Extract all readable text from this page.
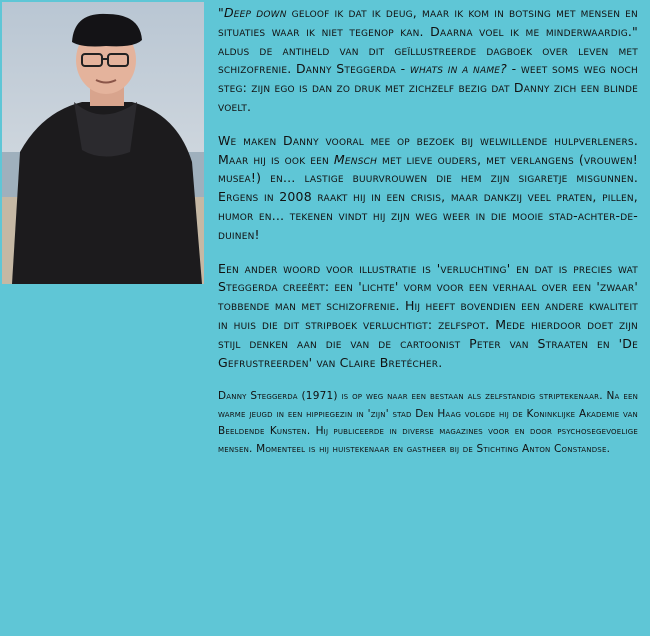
"Deep down geloof ik dat ik deug, maar ik kom in botsing met mensen en situaties waar ik niet tegenop kan. Daarna voel ik me minderwaardig." aldus de antiheld van dit geïllustreerde dagboek over leven met schizofrenie. Danny Steggerda - whats in a name? - weet soms weg noch steg: zijn ego is dan zo druk met zichzelf bezig dat Danny zich een blinde voelt.

We maken Danny vooral mee op bezoek bij welwillende hulpverleners. Maar hij is ook een Mensch met lieve ouders, met verlangens (vrouwen! musea!) en… lastige buurvrouwen die hem zijn sigaretje misgunnen. Ergens in 2008 raakt hij in een crisis, maar dankzij veel praten, pillen, humor en… tekenen vindt hij zijn weg weer in die mooie stad-achter-de-duinen!

Een ander woord voor illustratie is 'verluchting' en dat is precies wat Steggerda creeërt: een 'lichte' vorm voor een verhaal over een 'zwaar' tobbende man met schizofrenie. Hij heeft bovendien een andere kwaliteit in huis die dit stripboek verluchtigt: zelfspot. Mede hierdoor doet zijn stijl denken aan die van de cartoonist Peter van Straaten en 'De Gefrustreerden' van Claire Bretécher.

Danny Steggerda (1971) is op weg naar een bestaan als zelfstandig striptekenaar. Na een warme jeugd in een hippiegezin in 'zijn' stad Den Haag volgde hij de Koninklijke Akademie van Beeldende Kunsten. Hij publiceerde in diverse magazines voor en door psychosegevoelige mensen. Momenteel is hij huistekenaar en gastheer bij de Stichting Anton Constandse.
